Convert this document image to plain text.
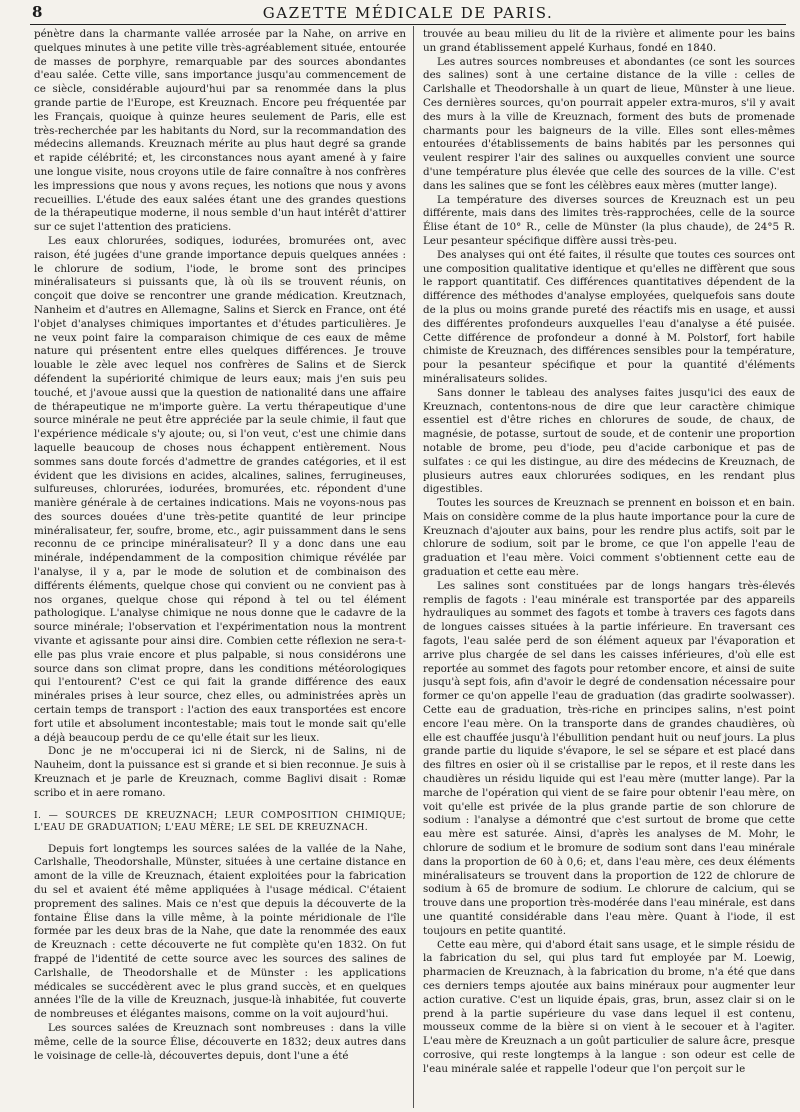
8	GAZETTE MÉDICALE DE PARIS.

pénètre dans la charmante vallée arrosée par la Nahe, on arrive en quelques minutes à une petite ville très-agréablement située, entourée de masses de porphyre, remarquable par des sources abondantes d'eau salée. Cette ville, sans importance jusqu'au commencement de ce siècle, considérable aujourd'hui par sa renommée dans la plus grande partie de l'Europe, est Kreuznach. Encore peu fréquentée par les Français, quoique à quinze heures seulement de Paris, elle est très-recherchée par les habitants du Nord, sur la recommandation des médecins allemands. Kreuznach mérite au plus haut degré sa grande et rapide célébrité; et, les circonstances nous ayant amené à y faire une longue visite, nous croyons utile de faire connaître à nos confrères les impressions que nous y avons reçues, les notions que nous y avons recueillies. L'étude des eaux salées étant une des grandes questions de la thérapeutique moderne, il nous semble d'un haut intérêt d'attirer sur ce sujet l'attention des praticiens.

Les eaux chlorurées, sodiques, iodurées, bromurées ont, avec raison, été jugées d'une grande importance depuis quelques années : le chlorure de sodium, l'iode, le brome sont des principes minéralisateurs si puissants que, là où ils se trouvent réunis, on conçoit que doive se rencontrer une grande médication. Kreutznach, Nanheim et d'autres en Allemagne, Salins et Sierck en France, ont été l'objet d'analyses chimiques importantes et d'études particulières. Je ne veux point faire la comparaison chimique de ces eaux de même nature qui présentent entre elles quelques différences. Je trouve louable le zèle avec lequel nos confrères de Salins et de Sierck défendent la supériorité chimique de leurs eaux; mais j'en suis peu touché, et j'avoue aussi que la question de nationalité dans une affaire de thérapeutique ne m'importe guère. La vertu thérapeutique d'une source minérale ne peut être appréciée par la seule chimie, il faut que l'expérience médicale s'y ajoute; ou, si l'on veut, c'est une chimie dans laquelle beaucoup de choses nous échappent entièrement. Nous sommes sans doute forcés d'admettre de grandes catégories, et il est évident que les divisions en acides, alcalines, salines, ferrugineuses, sulfureuses, chlorurées, iodurées, bromurées, etc. répondent d'une manière générale à de certaines indications. Mais ne voyons-nous pas des sources douées d'une très-petite quantité de leur principe minéralisateur, fer, soufre, brome, etc., agir puissamment dans le sens reconnu de ce principe minéralisateur? Il y a donc dans une eau minérale, indépendamment de la composition chimique révélée par l'analyse, il y a, par le mode de solution et de combinaison des différents éléments, quelque chose qui convient ou ne convient pas à nos organes, quelque chose qui répond à tel ou tel élément pathologique. L'analyse chimique ne nous donne que le cadavre de la source minérale; l'observation et l'expérimentation nous la montrent vivante et agissante pour ainsi dire. Combien cette réflexion ne sera-t-elle pas plus vraie encore et plus palpable, si nous considérons une source dans son climat propre, dans les conditions météorologiques qui l'entourent? C'est ce qui fait la grande différence des eaux minérales prises à leur source, chez elles, ou administrées après un certain temps de transport : l'action des eaux transportées est encore fort utile et absolument incontestable; mais tout le monde sait qu'elle a déjà beaucoup perdu de ce qu'elle était sur les lieux.

Donc je ne m'occuperai ici ni de Sierck, ni de Salins, ni de Nauheim, dont la puissance est si grande et si bien reconnue. Je suis à Kreuznach et je parle de Kreuznach, comme Baglivi disait : Romæ scribo et in aere romano.

I. — SOURCES DE KREUZNACH; LEUR COMPOSITION CHIMIQUE; L'EAU DE GRADUATION; L'EAU MÈRE; LE SEL DE KREUZNACH.

Depuis fort longtemps les sources salées de la vallée de la Nahe, Carlshalle, Theodorshalle, Münster, situées à une certaine distance en amont de la ville de Kreuznach, étaient exploitées pour la fabrication du sel et avaient été même appliquées à l'usage médical. C'étaient proprement des salines. Mais ce n'est que depuis la découverte de la fontaine Élise dans la ville même, à la pointe méridionale de l'île formée par les deux bras de la Nahe, que date la renommée des eaux de Kreuznach : cette découverte ne fut complète qu'en 1832. On fut frappé de l'identité de cette source avec les sources des salines de Carlshalle, de Theodorshalle et de Münster : les applications médicales se succédèrent avec le plus grand succès, et en quelques années l'île de la ville de Kreuznach, jusque-là inhabitée, fut couverte de nombreuses et élégantes maisons, comme on la voit aujourd'hui.

Les sources salées de Kreuznach sont nombreuses : dans la ville même, celle de la source Élise, découverte en 1832; deux autres dans le voisinage de celle-là, découvertes depuis, dont l'une a été

trouvée au beau milieu du lit de la rivière et alimente pour les bains un grand établissement appelé Kurhaus, fondé en 1840.

Les autres sources nombreuses et abondantes (ce sont les sources des salines) sont à une certaine distance de la ville : celles de Carlshalle et Theodorshalle à un quart de lieue, Münster à une lieue. Ces dernières sources, qu'on pourrait appeler extra-muros, s'il y avait des murs à la ville de Kreuznach, forment des buts de promenade charmants pour les baigneurs de la ville. Elles sont elles-mêmes entourées d'établissements de bains habités par les personnes qui veulent respirer l'air des salines ou auxquelles convient une source d'une température plus élevée que celle des sources de la ville. C'est dans les salines que se font les célèbres eaux mères (mutter lange).

La température des diverses sources de Kreuznach est un peu différente, mais dans des limites très-rapprochées, celle de la source Élise étant de 10° R., celle de Münster (la plus chaude), de 24°5 R. Leur pesanteur spécifique diffère aussi très-peu.

Des analyses qui ont été faites, il résulte que toutes ces sources ont une composition qualitative identique et qu'elles ne diffèrent que sous le rapport quantitatif. Ces différences quantitatives dépendent de la différence des méthodes d'analyse employées, quelquefois sans doute de la plus ou moins grande pureté des réactifs mis en usage, et aussi des différentes profondeurs auxquelles l'eau d'analyse a été puisée. Cette différence de profondeur a donné à M. Polstorf, fort habile chimiste de Kreuznach, des différences sensibles pour la température, pour la pesanteur spécifique et pour la quantité d'éléments minéralisateurs solides.

Sans donner le tableau des analyses faites jusqu'ici des eaux de Kreuznach, contentons-nous de dire que leur caractère chimique essentiel est d'être riches en chlorures de soude, de chaux, de magnésie, de potasse, surtout de soude, et de contenir une proportion notable de brome, peu d'iode, peu d'acide carbonique et pas de sulfates : ce qui les distingue, au dire des médecins de Kreuznach, de plusieurs autres eaux chlorurées sodiques, en les rendant plus digestibles.

Toutes les sources de Kreuznach se prennent en boisson et en bain. Mais on considère comme de la plus haute importance pour la cure de Kreuznach d'ajouter aux bains, pour les rendre plus actifs, soit par le chlorure de sodium, soit par le brome, ce que l'on appelle l'eau de graduation et l'eau mère. Voici comment s'obtiennent cette eau de graduation et cette eau mère.

Les salines sont constituées par de longs hangars très-élevés remplis de fagots : l'eau minérale est transportée par des appareils hydrauliques au sommet des fagots et tombe à travers ces fagots dans de longues caisses situées à la partie inférieure. En traversant ces fagots, l'eau salée perd de son élément aqueux par l'évaporation et arrive plus chargée de sel dans les caisses inférieures, d'où elle est reportée au sommet des fagots pour retomber encore, et ainsi de suite jusqu'à sept fois, afin d'avoir le degré de condensation nécessaire pour former ce qu'on appelle l'eau de graduation (das gradirte soolwasser). Cette eau de graduation, très-riche en principes salins, n'est point encore l'eau mère. On la transporte dans de grandes chaudières, où elle est chauffée jusqu'à l'ébullition pendant huit ou neuf jours. La plus grande partie du liquide s'évapore, le sel se sépare et est placé dans des filtres en osier où il se cristallise par le repos, et il reste dans les chaudières un résidu liquide qui est l'eau mère (mutter lange). Par la marche de l'opération qui vient de se faire pour obtenir l'eau mère, on voit qu'elle est privée de la plus grande partie de son chlorure de sodium : l'analyse a démontré que c'est surtout de brome que cette eau mère est saturée. Ainsi, d'après les analyses de M. Mohr, le chlorure de sodium et le bromure de sodium sont dans l'eau minérale dans la proportion de 60 à 0,6; et, dans l'eau mère, ces deux éléments minéralisateurs se trouvent dans la proportion de 122 de chlorure de sodium à 65 de bromure de sodium. Le chlorure de calcium, qui se trouve dans une proportion très-modérée dans l'eau minérale, est dans une quantité considérable dans l'eau mère. Quant à l'iode, il est toujours en petite quantité.

Cette eau mère, qui d'abord était sans usage, et le simple résidu de la fabrication du sel, qui plus tard fut employée par M. Loewig, pharmacien de Kreuznach, à la fabrication du brome, n'a été que dans ces derniers temps ajoutée aux bains minéraux pour augmenter leur action curative. C'est un liquide épais, gras, brun, assez clair si on le prend à la partie supérieure du vase dans lequel il est contenu, mousseux comme de la bière si on vient à le secouer et à l'agiter. L'eau mère de Kreuznach a un goût particulier de salure âcre, presque corrosive, qui reste longtemps à la langue : son odeur est celle de l'eau minérale salée et rappelle l'odeur que l'on perçoit sur le
